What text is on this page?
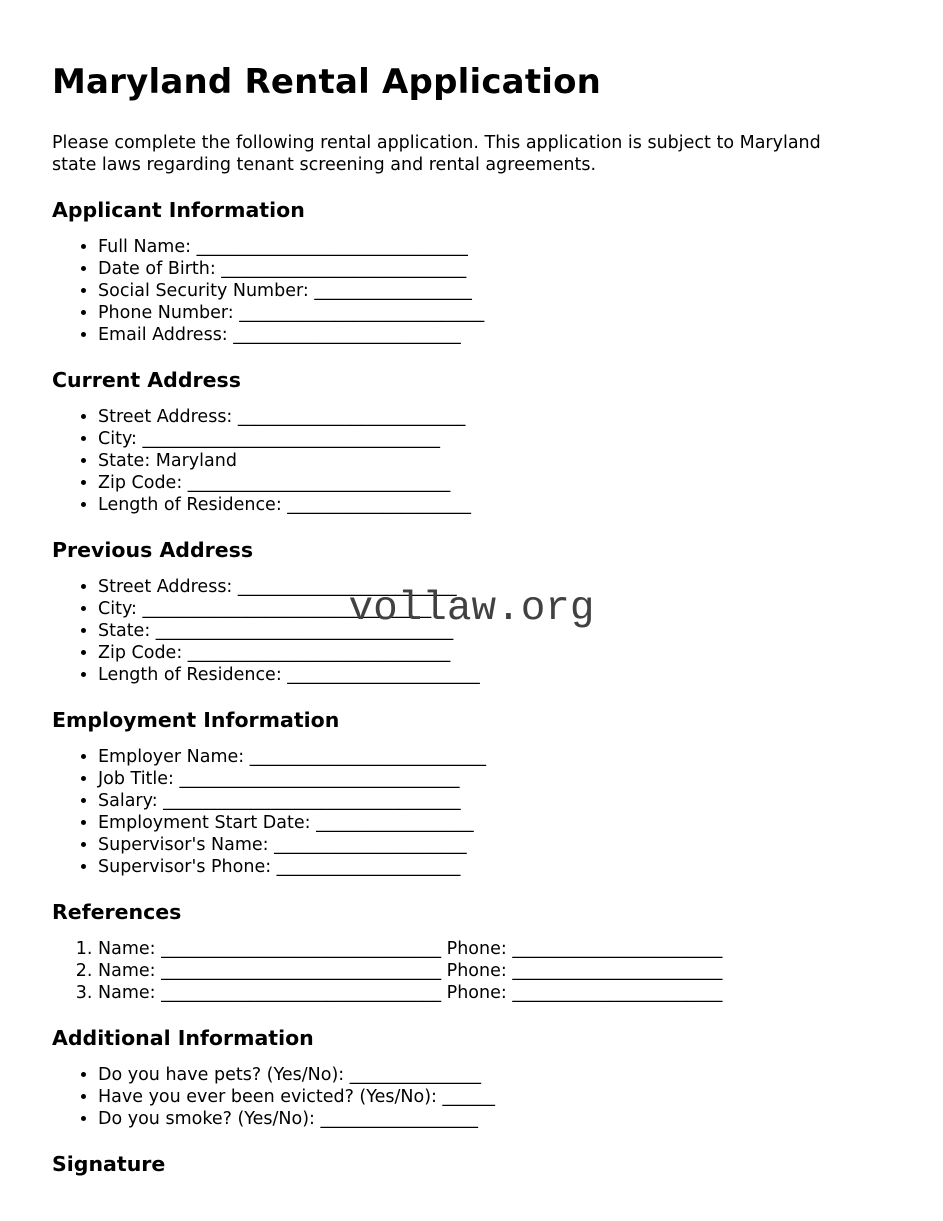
Maryland Rental Application

Please complete the following rental application. This application is subject to Maryland
state laws regarding tenant screening and rental agreements.

Applicant Information
• Full Name: _______________________________
• Date of Birth: ____________________________
• Social Security Number: __________________
• Phone Number: ____________________________
• Email Address: __________________________
Current Address
• Street Address: __________________________
• City: __________________________________
• State: Maryland
• Zip Code: ______________________________
• Length of Residence: _____________________
Previous Address
• Street Address: _________________________
• City: _________________________________
• State: __________________________________
• Zip Code: ______________________________
• Length of Residence: ______________________
Employment Information
• Employer Name: ___________________________
• Job Title: ________________________________
• Salary: __________________________________
• Employment Start Date: __________________
• Supervisor's Name: ______________________
• Supervisor's Phone: _____________________
References
1. Name: ________________________________ Phone: ________________________
2. Name: ________________________________ Phone: ________________________
3. Name: ________________________________ Phone: ________________________
Additional Information
• Do you have pets? (Yes/No): _______________
• Have you ever been evicted? (Yes/No): ______
• Do you smoke? (Yes/No): __________________
Signature
vollaw.org
